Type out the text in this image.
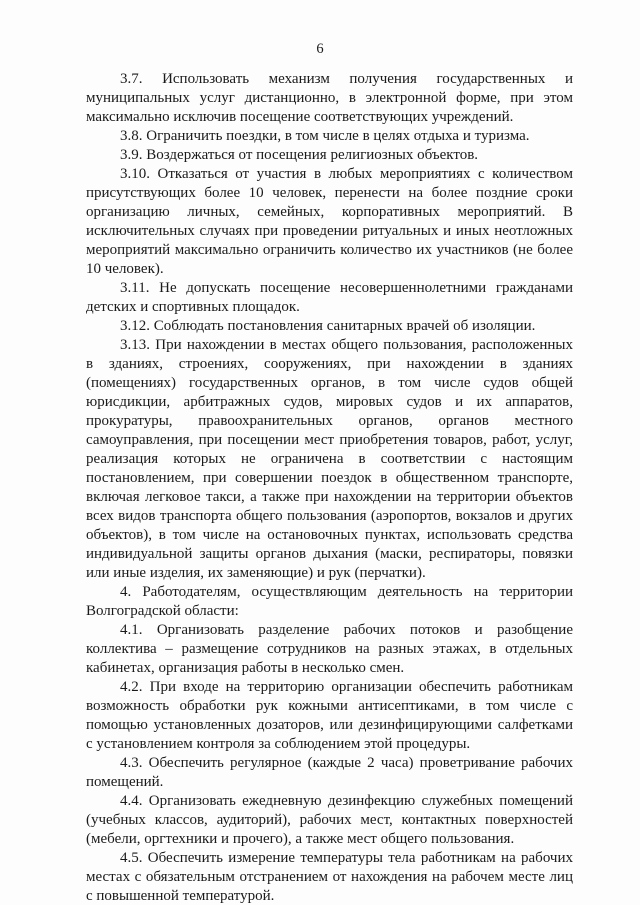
6

3.7. Использовать механизм получения государственных и муниципальных услуг дистанционно, в электронной форме, при этом максимально исключив посещение соответствующих учреждений.

3.8. Ограничить поездки, в том числе в целях отдыха и туризма.

3.9. Воздержаться от посещения религиозных объектов.

3.10. Отказаться от участия в любых мероприятиях с количеством присутствующих более 10 человек, перенести на более поздние сроки организацию личных, семейных, корпоративных мероприятий. В исключительных случаях при проведении ритуальных и иных неотложных мероприятий максимально ограничить количество их участников (не более 10 человек).

3.11. Не допускать посещение несовершеннолетними гражданами детских и спортивных площадок.

3.12. Соблюдать постановления санитарных врачей об изоляции.

3.13. При нахождении в местах общего пользования, расположенных в зданиях, строениях, сооружениях, при нахождении в зданиях (помещениях) государственных органов, в том числе судов общей юрисдикции, арбитражных судов, мировых судов и их аппаратов, прокуратуры, правоохранительных органов, органов местного самоуправления, при посещении мест приобретения товаров, работ, услуг, реализация которых не ограничена в соответствии с настоящим постановлением, при совершении поездок в общественном транспорте, включая легковое такси, а также при нахождении на территории объектов всех видов транспорта общего пользования (аэропортов, вокзалов и других объектов), в том числе на остановочных пунктах, использовать средства индивидуальной защиты органов дыхания (маски, респираторы, повязки или иные изделия, их заменяющие) и рук (перчатки).

4. Работодателям, осуществляющим деятельность на территории Волгоградской области:

4.1. Организовать разделение рабочих потоков и разобщение коллектива – размещение сотрудников на разных этажах, в отдельных кабинетах, организация работы в несколько смен.

4.2. При входе на территорию организации обеспечить работникам возможность обработки рук кожными антисептиками, в том числе с помощью установленных дозаторов, или дезинфицирующими салфетками с установлением контроля за соблюдением этой процедуры.

4.3. Обеспечить регулярное (каждые 2 часа) проветривание рабочих помещений.

4.4. Организовать ежедневную дезинфекцию служебных помещений (учебных классов, аудиторий), рабочих мест, контактных поверхностей (мебели, оргтехники и прочего), а также мест общего пользования.

4.5. Обеспечить измерение температуры тела работникам на рабочих местах с обязательным отстранением от нахождения на рабочем месте лиц с повышенной температурой.
